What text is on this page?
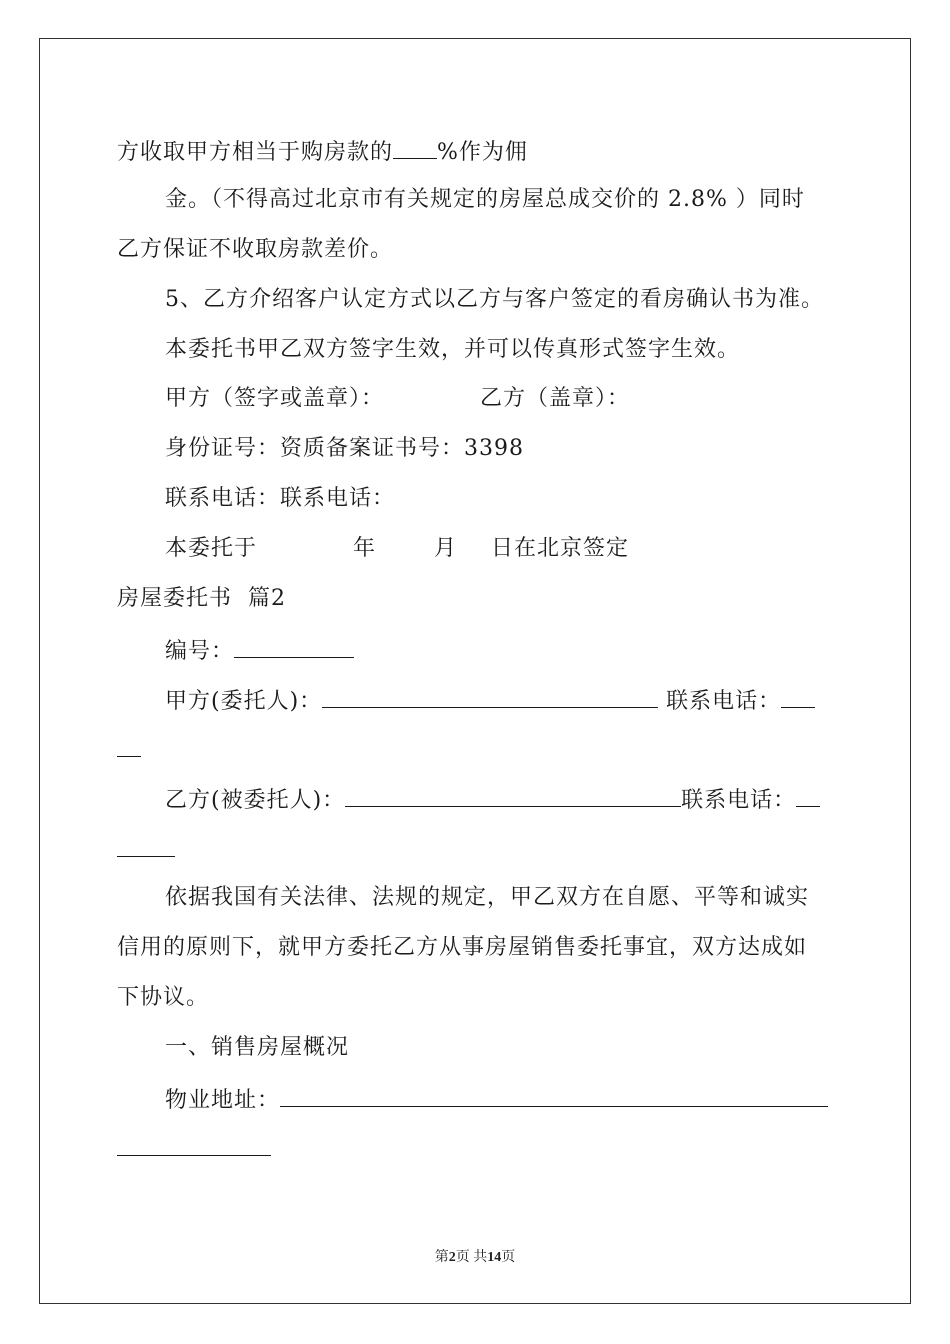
方收取甲方相当于购房款的 %作为佣
金。（不得高过北京市有关规定的房屋总成交价的 2.8% ）同时
乙方保证不收取房款差价。
5、乙方介绍客户认定方式以乙方与客户签定的看房确认书为准。
本委托书甲乙双方签字生效，并可以传真形式签字生效。
甲方（签字或盖章）：	乙方（盖章）：
身份证号：资质备案证书号：3398
联系电话：联系电话：
本委托于	年	月 日在北京签定
房屋委托书  篇2
编号：
甲方(委托人)：	联系电话：
乙方(被委托人)：	联系电话：
依据我国有关法律、法规的规定，甲乙双方在自愿、平等和诚实
信用的原则下，就甲方委托乙方从事房屋销售委托事宜，双方达成如
下协议。
一、销售房屋概况
物业地址：
第2页 共14页
